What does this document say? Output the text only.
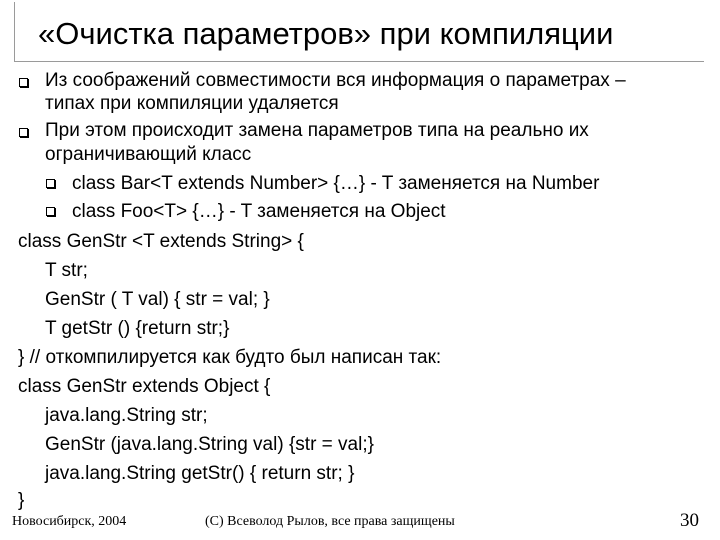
«Очистка параметров» при компиляции
Из соображений совместимости вся информация о параметрах –
типах при компиляции удаляется
При этом происходит замена параметров типа на реально их
ограничивающий класс
class Bar<T extends Number> {…} - T заменяется на Number
class Foo<T> {…} - T заменяется на Object
class GenStr <T extends String> {
T str;
GenStr ( T val) { str = val; }
T getStr () {return str;}
} // откомпилируется как будто был написан так:
class GenStr extends Object {
java.lang.String str;
GenStr (java.lang.String val) {str = val;}
java.lang.String getStr() { return str; }
}
Новосибирск, 2004	(С) Всеволод Рылов, все права защищены	30
